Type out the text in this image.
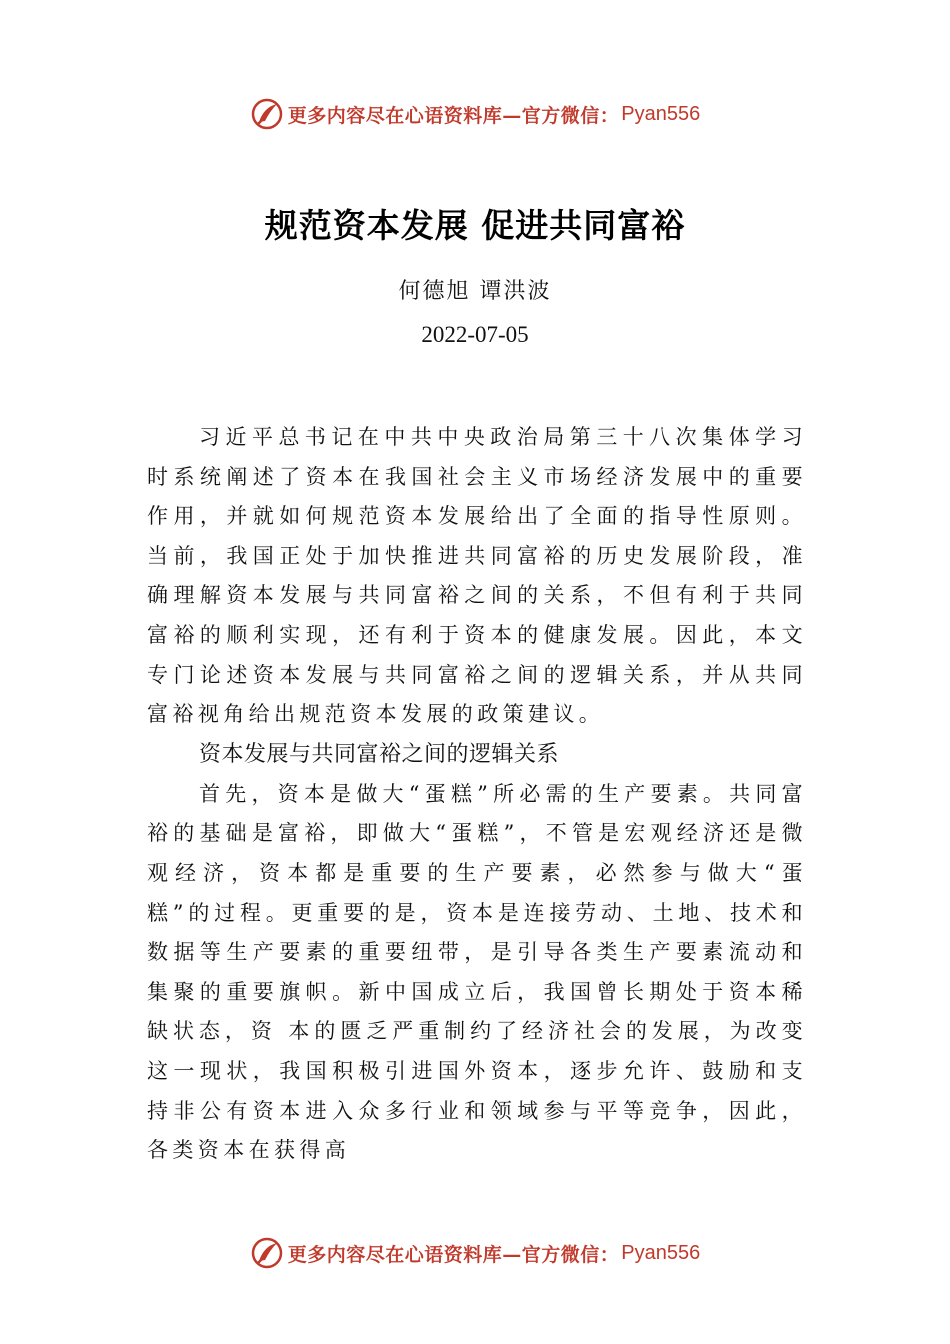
更多内容尽在心语资料库—官方微信： Pyan556
规范资本发展 促进共同富裕
何德旭 谭洪波
2022-07-05

习近平总书记在中共中央政治局第三十八次集体学习时系统阐述了资本在我国社会主义市场经济发展中的重要作用，并就如何规范资本发展给出了全面的指导性原则。当前，我国正处于加快推进共同富裕的历史发展阶段，准确理解资本发展与共同富裕之间的关系，不但有利于共同富裕的顺利实现，还有利于资本的健康发展。因此，本文专门论述资本发展与共同富裕之间的逻辑关系，并从共同富裕视角给出规范资本发展的政策建议。

资本发展与共同富裕之间的逻辑关系

首先，资本是做大“蛋糕”所必需的生产要素。共同富裕的基础是富裕，即做大“蛋糕”，不管是宏观经济还是微观经济，资本都是重要的生产要素，必然参与做大“蛋糕”的过程。更重要的是，资本是连接劳动、土地、技术和数据等生产要素的重要纽带，是引导各类生产要素流动和集聚的重要旗帜。新中国成立后，我国曾长期处于资本稀缺状态，资 本的匮乏严重制约了经济社会的发展，为改变这一现状，我国积极引进国外资本，逐步允许、鼓励和支持非公有资本进入众多行业和领域参与平等竞争，因此，各类资本在获得高

更多内容尽在心语资料库—官方微信： Pyan556
